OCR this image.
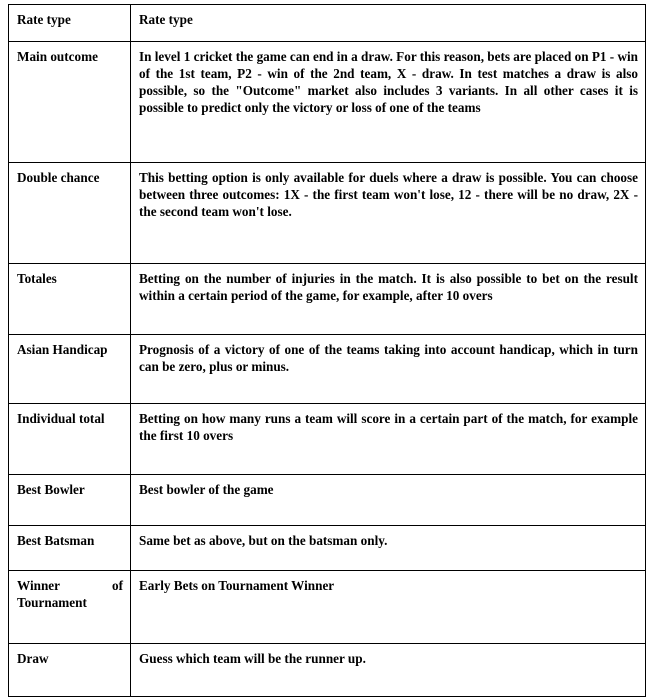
Rate type	Rate type
Main outcome	In level 1 cricket the game can end in a draw. For this reason, bets are placed on P1 - win of the 1st team, P2 - win of the 2nd team, X - draw. In test matches a draw is also possible, so the "Outcome" market also includes 3 variants. In all other cases it is possible to predict only the victory or loss of one of the teams
Double chance	This betting option is only available for duels where a draw is possible. You can choose between three outcomes: 1X - the first team won't lose, 12 - there will be no draw, 2X - the second team won't lose.
Totales	Betting on the number of injuries in the match. It is also possible to bet on the result within a certain period of the game, for example, after 10 overs
Asian Handicap	Prognosis of a victory of one of the teams taking into account handicap, which in turn can be zero, plus or minus.
Individual total	Betting on how many runs a team will score in a certain part of the match, for example the first 10 overs
Best Bowler	Best bowler of the game
Best Batsman	Same bet as above, but on the batsman only.
Winner of Tournament	Early Bets on Tournament Winner
Draw	Guess which team will be the runner up.
